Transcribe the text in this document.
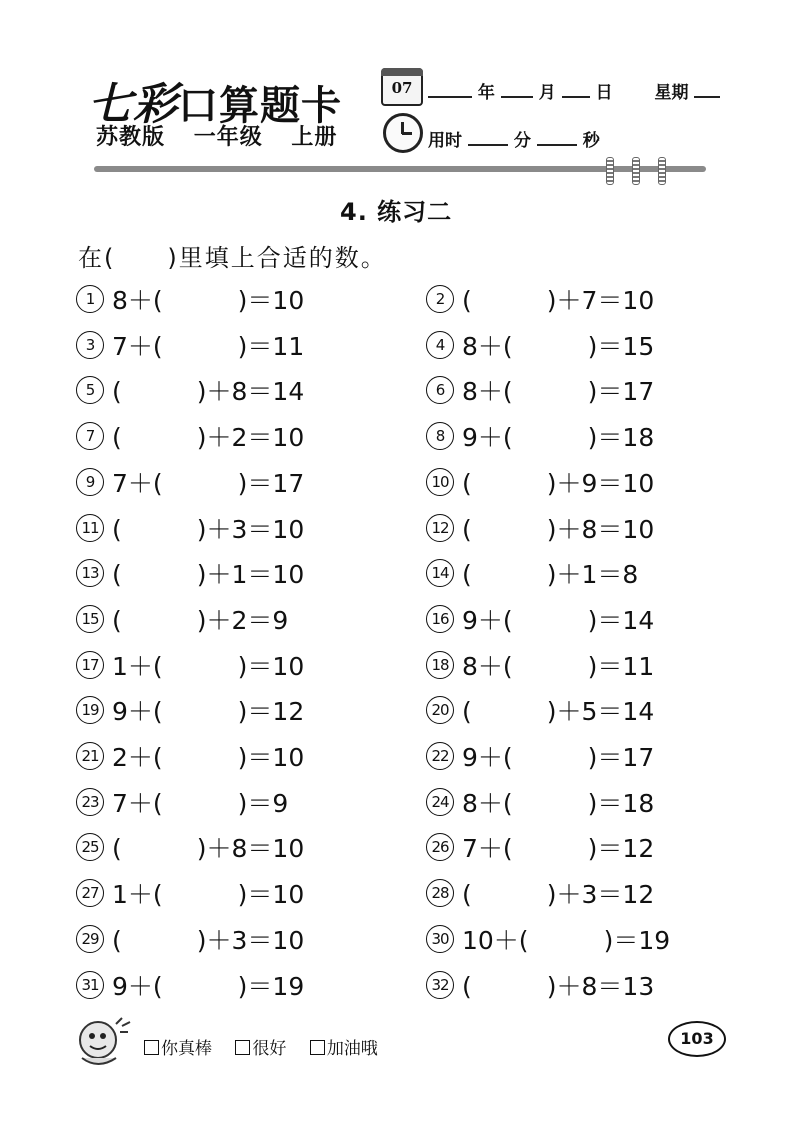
七彩口算题卡
苏教版 一年级 上册
07	年	月 日 星期
用时	分	秒
4. 练习二
在(　　)里填上合适的数。
1 8＋(　　　)＝10
3 7＋(　　　)＝11
5 (　　　)＋8＝14
7 (　　　)＋2＝10
9 7＋(　　　)＝17
11 (　　　)＋3＝10
13 (　　　)＋1＝10
15 (　　　)＋2＝9
17 1＋(　　　)＝10
19 9＋(　　　)＝12
21 2＋(　　　)＝10
23 7＋(　　　)＝9
25 (　　　)＋8＝10
27 1＋(　　　)＝10
29 (　　　)＋3＝10
31 9＋(　　　)＝19
2 (　　　)＋7＝10
4 8＋(　　　)＝15
6 8＋(　　　)＝17
8 9＋(　　　)＝18
10 (　　　)＋9＝10
12 (　　　)＋8＝10
14 (　　　)＋1＝8
16 9＋(　　　)＝14
18 8＋(　　　)＝11
20 (　　　)＋5＝14
22 9＋(　　　)＝17
24 8＋(　　　)＝18
26 7＋(　　　)＝12
28 (　　　)＋3＝12
30 10＋(　　　)＝19
32 (　　　)＋8＝13
你真棒 很好 加油哦
103
